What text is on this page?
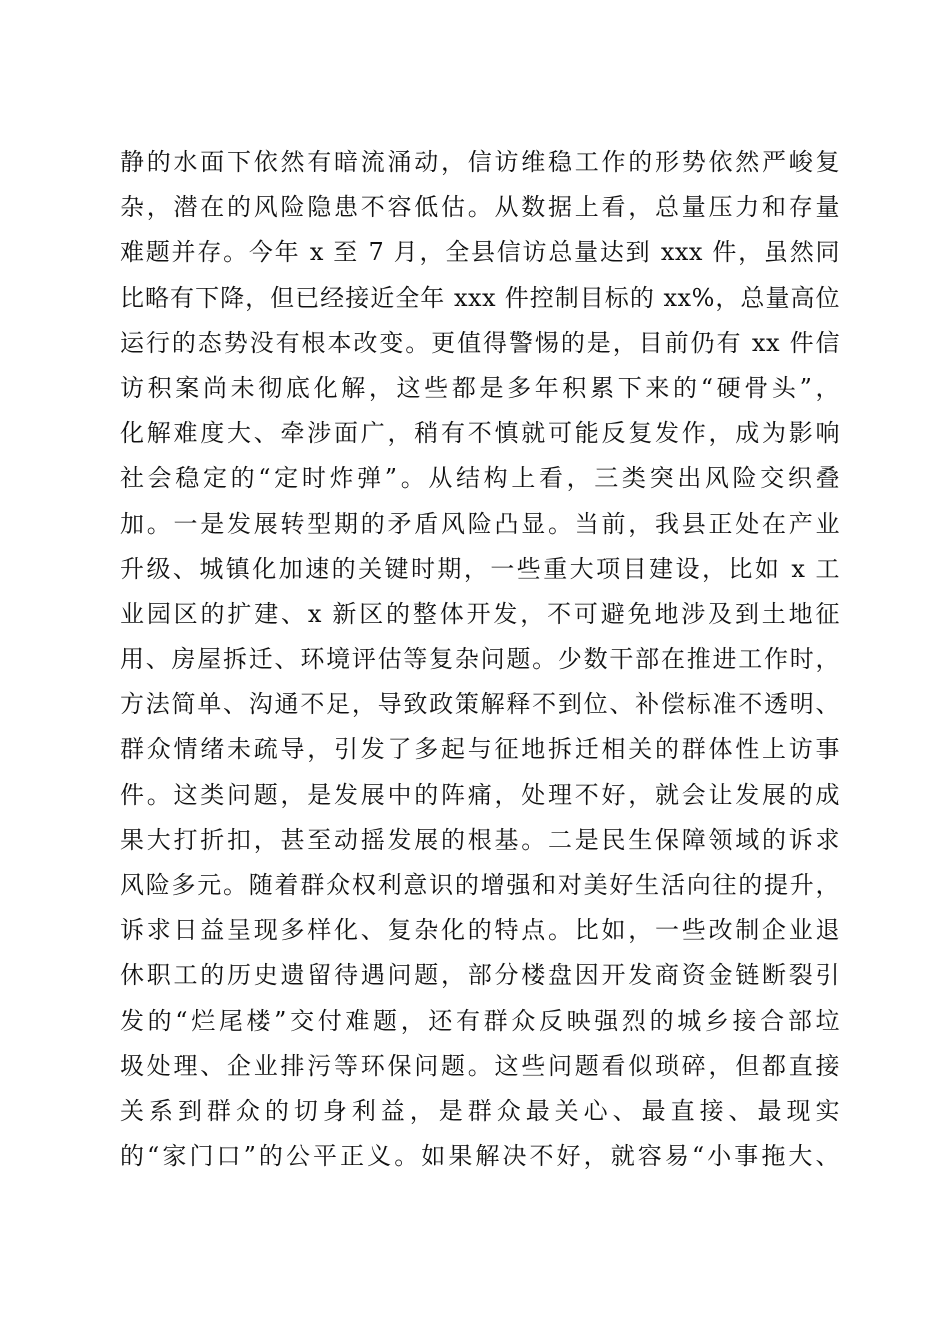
静的水面下依然有暗流涌动，信访维稳工作的形势依然严峻复
杂，潜在的风险隐患不容低估。从数据上看，总量压力和存量
难题并存。今年 x 至 7 月，全县信访总量达到 xxx 件，虽然同
比略有下降，但已经接近全年 xxx 件控制目标的 xx%，总量高位
运行的态势没有根本改变。更值得警惕的是，目前仍有 xx 件信
访积案尚未彻底化解，这些都是多年积累下来的“硬骨头”，
化解难度大、牵涉面广，稍有不慎就可能反复发作，成为影响
社会稳定的“定时炸弹”。从结构上看，三类突出风险交织叠
加。一是发展转型期的矛盾风险凸显。当前，我县正处在产业
升级、城镇化加速的关键时期，一些重大项目建设，比如 x 工
业园区的扩建、x 新区的整体开发，不可避免地涉及到土地征
用、房屋拆迁、环境评估等复杂问题。少数干部在推进工作时，
方法简单、沟通不足，导致政策解释不到位、补偿标准不透明、
群众情绪未疏导，引发了多起与征地拆迁相关的群体性上访事
件。这类问题，是发展中的阵痛，处理不好，就会让发展的成
果大打折扣，甚至动摇发展的根基。二是民生保障领域的诉求
风险多元。随着群众权利意识的增强和对美好生活向往的提升，
诉求日益呈现多样化、复杂化的特点。比如，一些改制企业退
休职工的历史遗留待遇问题，部分楼盘因开发商资金链断裂引
发的“烂尾楼”交付难题，还有群众反映强烈的城乡接合部垃
圾处理、企业排污等环保问题。这些问题看似琐碎，但都直接
关系到群众的切身利益，是群众最关心、最直接、最现实
的“家门口”的公平正义。如果解决不好，就容易“小事拖大、
